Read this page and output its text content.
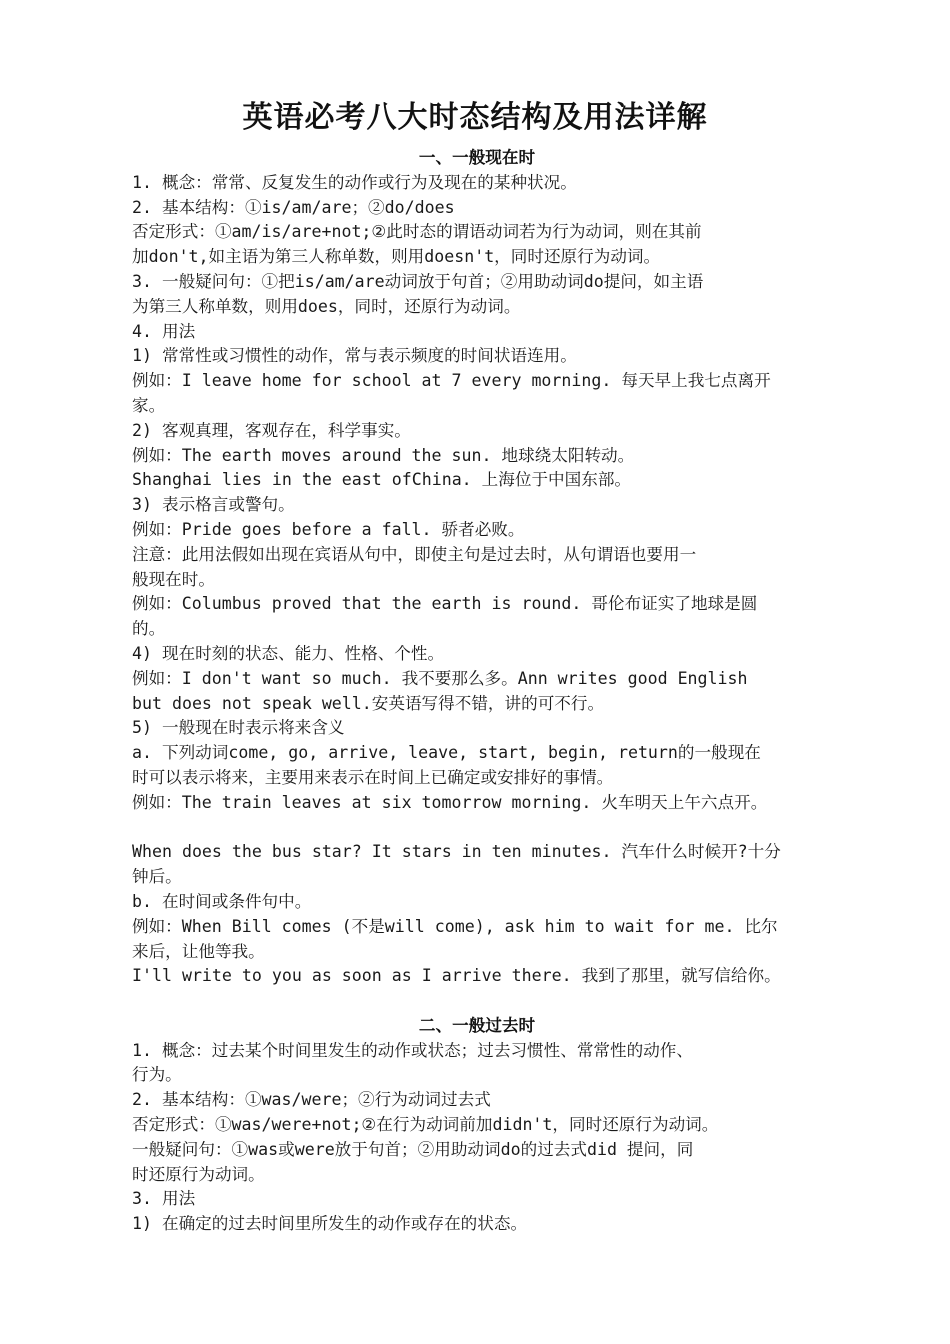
英语必考八大时态结构及用法详解
一、一般现在时
1. 概念：常常、反复发生的动作或行为及现在的某种状况。
2. 基本结构：①is/am/are；②do/does
否定形式：①am/is/are+not;②此时态的谓语动词若为行为动词，则在其前
加don't,如主语为第三人称单数，则用doesn't，同时还原行为动词。
3. 一般疑问句：①把is/am/are动词放于句首；②用助动词do提问，如主语
为第三人称单数，则用does，同时，还原行为动词。
4. 用法
1) 常常性或习惯性的动作，常与表示频度的时间状语连用。
例如：I leave home for school at 7 every morning. 每天早上我七点离开
家。
2) 客观真理，客观存在，科学事实。
例如：The earth moves around the sun. 地球绕太阳转动。
Shanghai lies in the east ofChina. 上海位于中国东部。
3) 表示格言或警句。
例如：Pride goes before a fall. 骄者必败。
注意：此用法假如出现在宾语从句中，即使主句是过去时，从句谓语也要用一
般现在时。
例如：Columbus proved that the earth is round. 哥伦布证实了地球是圆
的。
4) 现在时刻的状态、能力、性格、个性。
例如：I don't want so much. 我不要那么多。Ann writes good English
but does not speak well.安英语写得不错，讲的可不行。
5) 一般现在时表示将来含义
a. 下列动词come, go, arrive, leave, start, begin, return的一般现在
时可以表示将来，主要用来表示在时间上已确定或安排好的事情。
例如：The train leaves at six tomorrow morning. 火车明天上午六点开。
When does the bus star? It stars in ten minutes. 汽车什么时候开?十分
钟后。
b. 在时间或条件句中。
例如：When Bill comes (不是will come), ask him to wait for me. 比尔
来后，让他等我。
I'll write to you as soon as I arrive there. 我到了那里，就写信给你。
二、一般过去时
1. 概念：过去某个时间里发生的动作或状态；过去习惯性、常常性的动作、
行为。
2. 基本结构：①was/were；②行为动词过去式
否定形式：①was/were+not;②在行为动词前加didn't，同时还原行为动词。
一般疑问句：①was或were放于句首；②用助动词do的过去式did 提问，同
时还原行为动词。
3. 用法
1) 在确定的过去时间里所发生的动作或存在的状态。
